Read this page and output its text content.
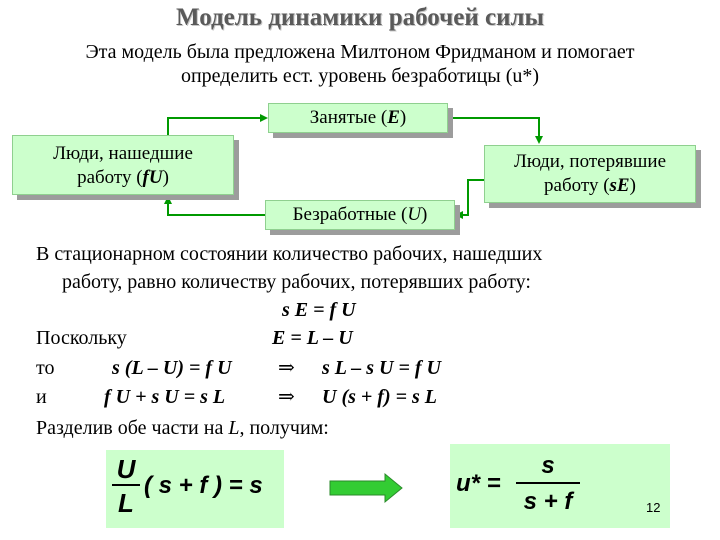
Модель динамики рабочей силы
Эта модель была предложена Милтоном Фридманом и помогает
определить ест. уровень безработицы (u*)
Занятые (E)
Люди, нашедшие
работу (fU)
Люди, потерявшие
работу (sE)
Безработные (U)
В стационарном состоянии количество рабочих, нашедших
работу, равно количеству рабочих, потерявших работу:
s E = f U
Поскольку	E = L – U
то	s (L – U) = f U ⇒ s L – s U = f U
и	f U + s U = s L	⇒ U (s + f) = s L
Разделив обе части на L, получим:
$\frac{U}{L}$ ( s + f ) = s	$u* = \frac{s}{s + f}$	12
